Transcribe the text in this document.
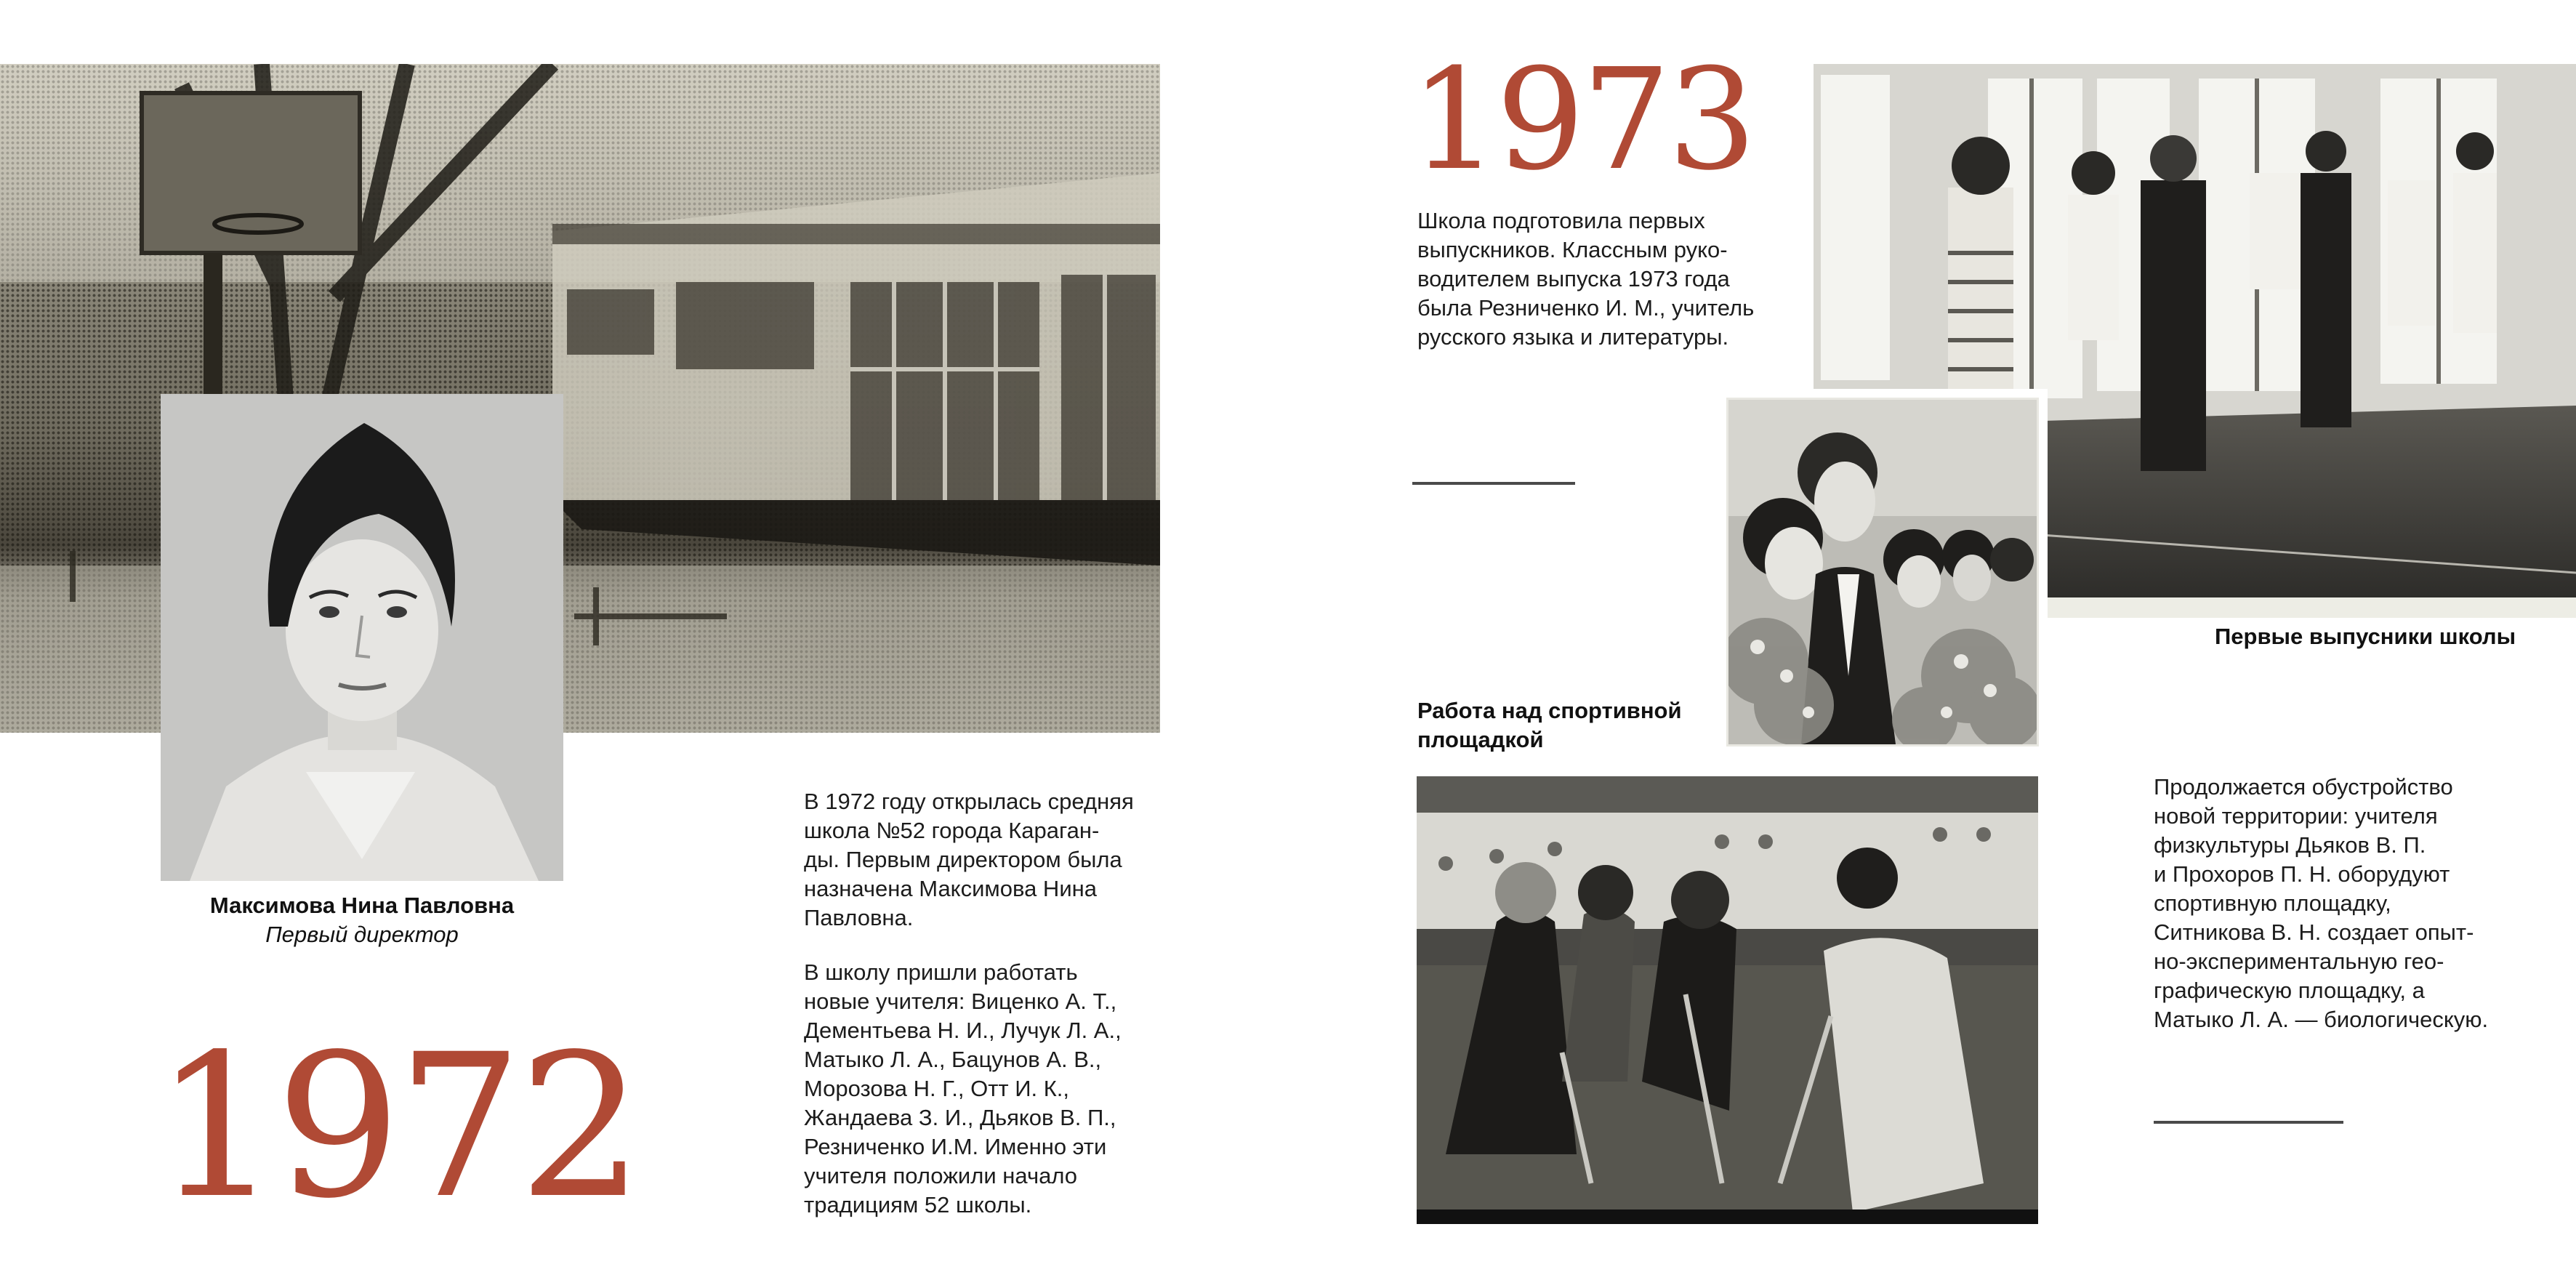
Максимова Нина Павловна
Первый директор
1972
В 1972 году открылась средняя
школа №52 города Караган-
ды. Первым директором была
назначена Максимова Нина
Павловна.
В школу пришли работать
новые учителя: Виценко А. Т.,
Дементьева Н. И., Лучук Л. А.,
Матыко Л. А., Бацунов А. В.,
Морозова Н. Г., Отт И. К.,
Жандаева З. И., Дьяков В. П.,
Резниченко И.М. Именно эти
учителя положили начало
традициям 52 школы.
1973
Школа подготовила первых
выпускников. Классным руко-
водителем выпуска 1973 года
была Резниченко И. М., учитель
русского языка и литературы.
Первые выпусники школы
Работа над спортивной
площадкой
Продолжается обустройство
новой территории: учителя
физкультуры Дьяков В. П.
и Прохоров П. Н. оборудуют
спортивную площадку,
Ситникова В. Н. создает опыт-
но-экспериментальную гео-
графическую площадку, а
Матыко Л. А. — биологическую.
